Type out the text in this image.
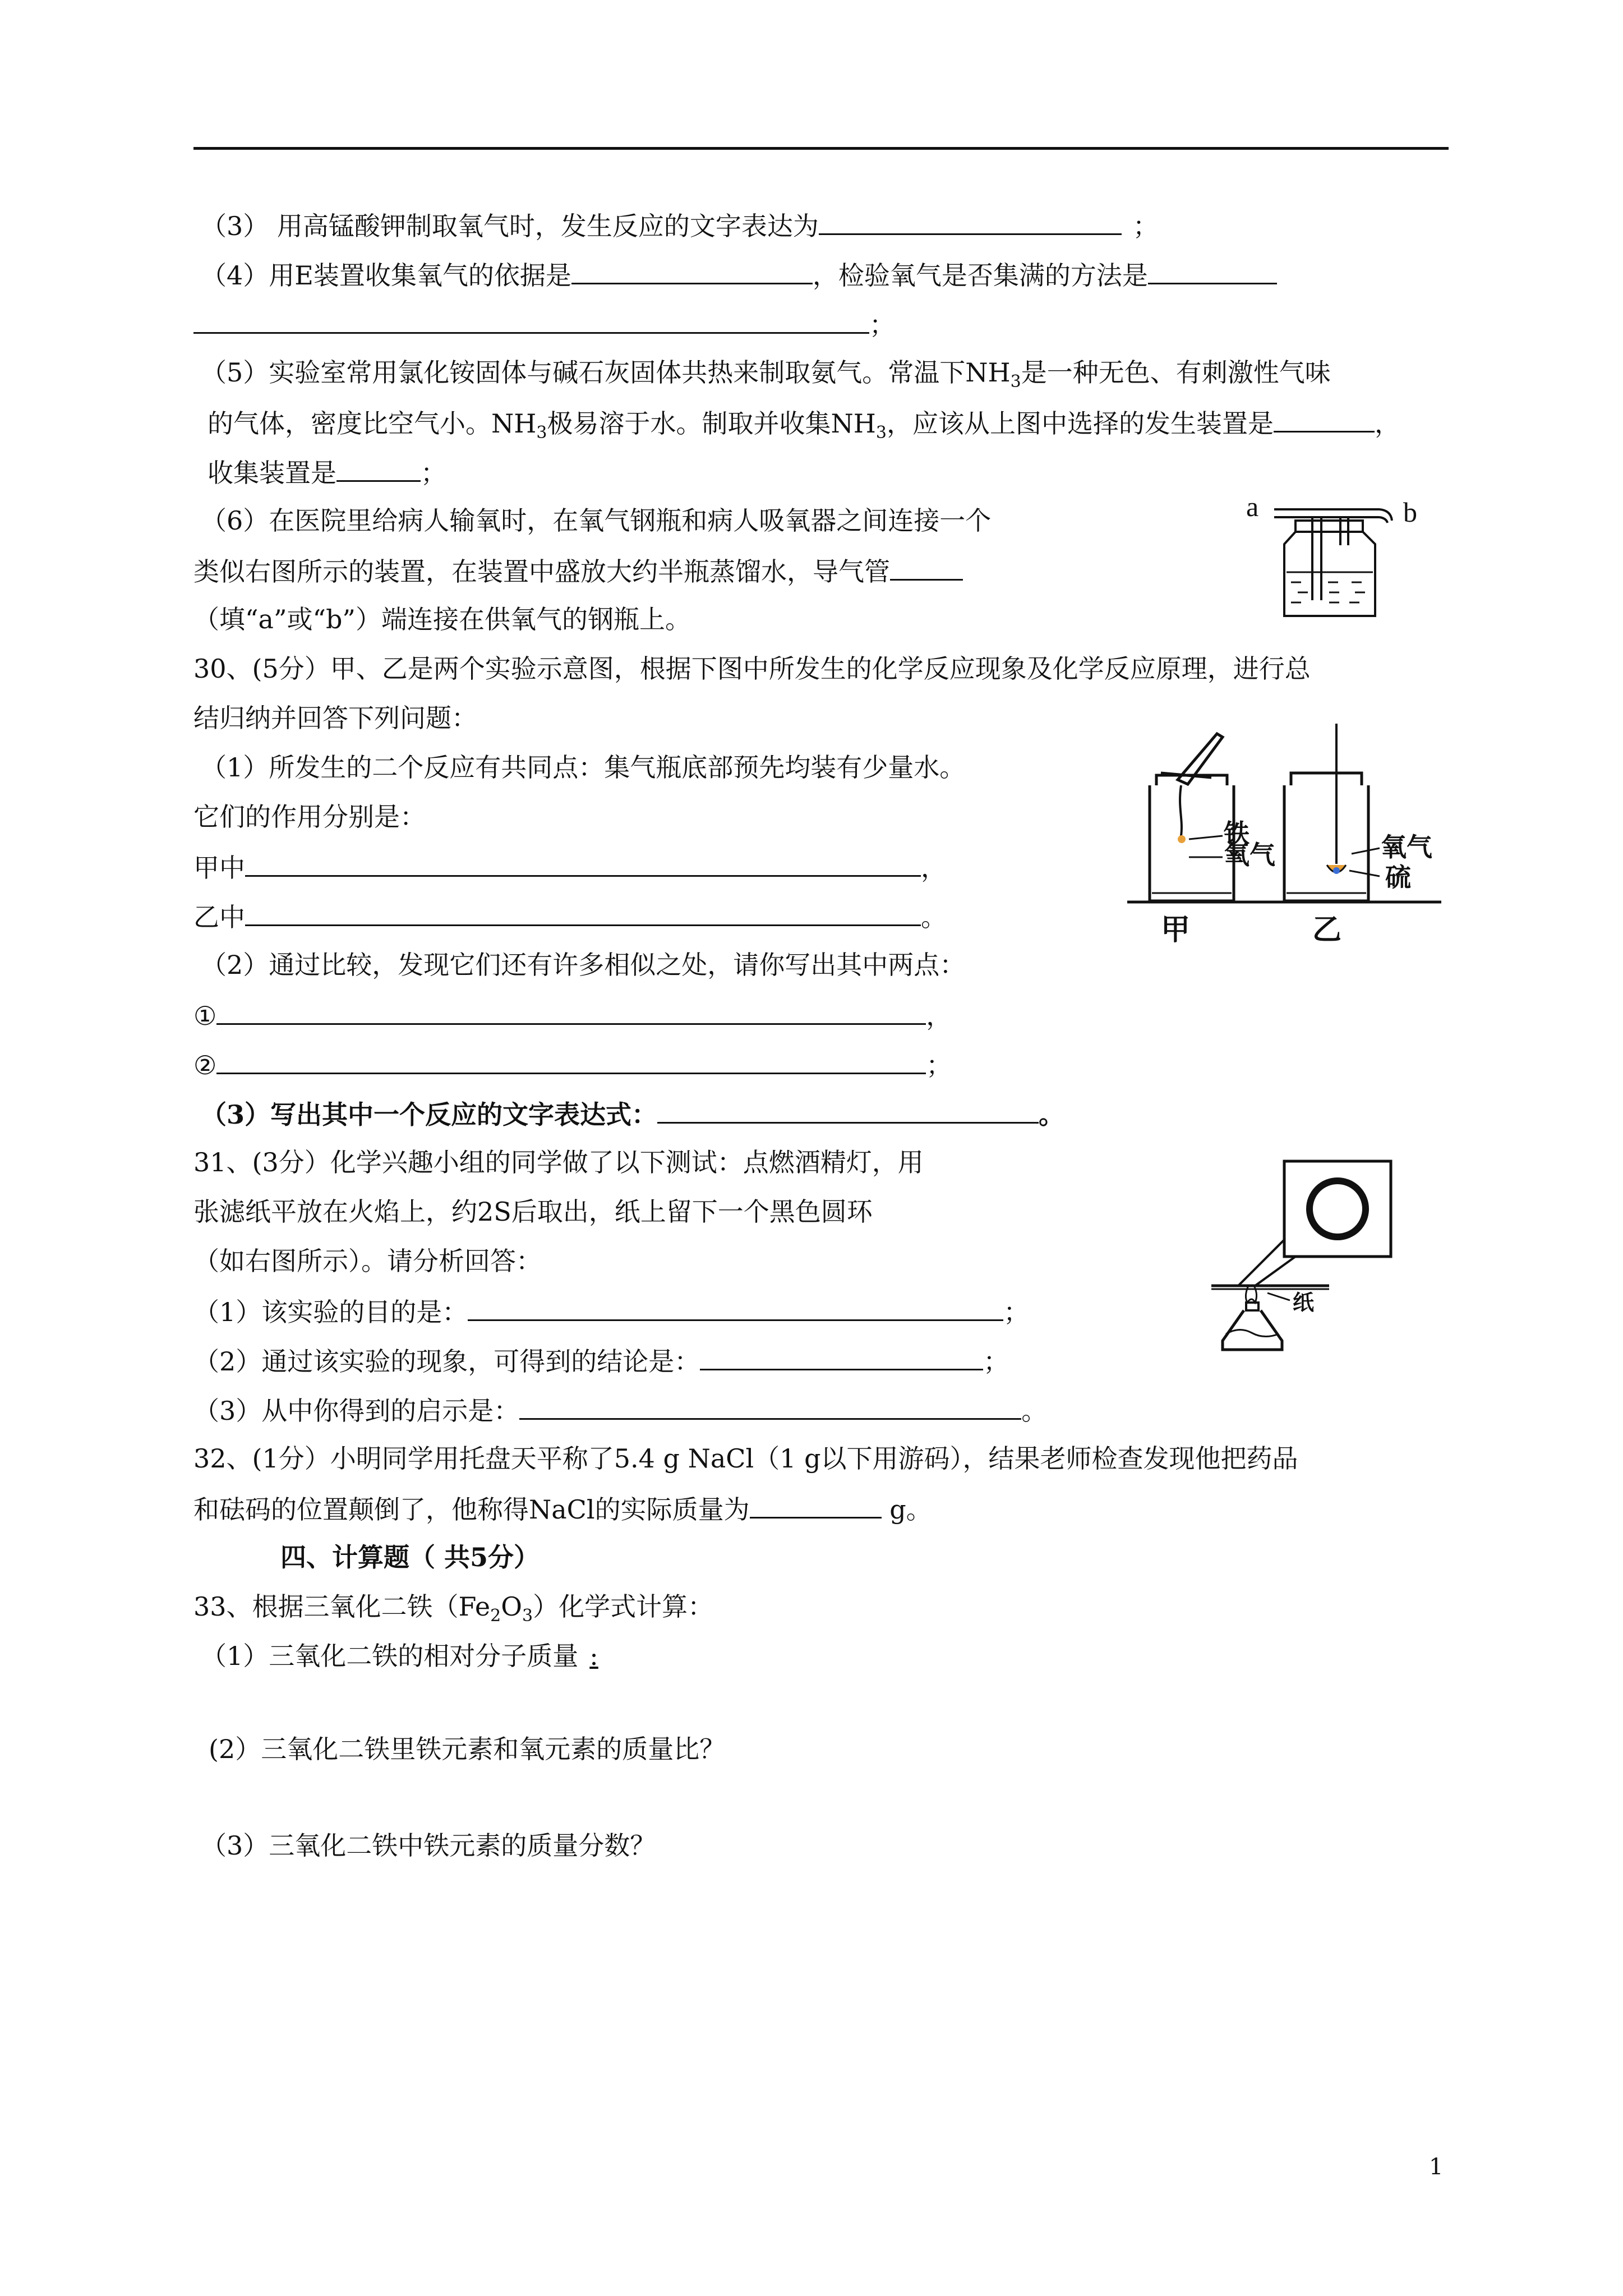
（3） 用高锰酸钾制取氧气时，发生反应的文字表达为	；
（4）用E装置收集氧气的依据是	，检验氧气是否集满的方法是
；
（5）实验室常用氯化铵固体与碱石灰固体共热来制取氨气。常温下$NH_3$是一种无色、有刺激性气味
的气体，密度比空气小。$NH_3$极易溶于水。制取并收集$NH_3$，应该从上图中选择的发生装置是	，
收集装置是	；
（6）在医院里给病人输氧时，在氧气钢瓶和病人吸氧器之间连接一个
类似右图所示的装置，在装置中盛放大约半瓶蒸馏水，导气管
（填“a”或“b”）端连接在供氧气的钢瓶上。
a	b
30、(5分）甲、乙是两个实验示意图，根据下图中所发生的化学反应现象及化学反应原理，进行总
结归纳并回答下列问题：
（1）所发生的二个反应有共同点：集气瓶底部预先均装有少量水。
它们的作用分别是：
甲中	，
乙中	。
（2）通过比较，发现它们还有许多相似之处，请你写出其中两点：
①	，
②	；
（3）写出其中一个反应的文字表达式：	。
铁
氧气
甲
氧气
硫
乙
31、(3分）化学兴趣小组的同学做了以下测试：点燃酒精灯，用
张滤纸平放在火焰上，约2S后取出，纸上留下一个黑色圆环
（如右图所示）。请分析回答：
（1）该实验的目的是：	；
（2）通过该实验的现象，可得到的结论是：	；
（3）从中你得到的启示是：	。
纸
32、(1分）小明同学用托盘天平称了5.4 g NaCl（1 g以下用游码），结果老师检查发现他把药品
和砝码的位置颠倒了，他称得NaCl的实际质量为	g。
四、计算题（ 共5分）
33、根据三氧化二铁$(Fe_2O_3)$化学式计算：
（1）三氧化二铁的相对分子质量 :
(2）三氧化二铁里铁元素和氧元素的质量比？
（3）三氧化二铁中铁元素的质量分数？
1
